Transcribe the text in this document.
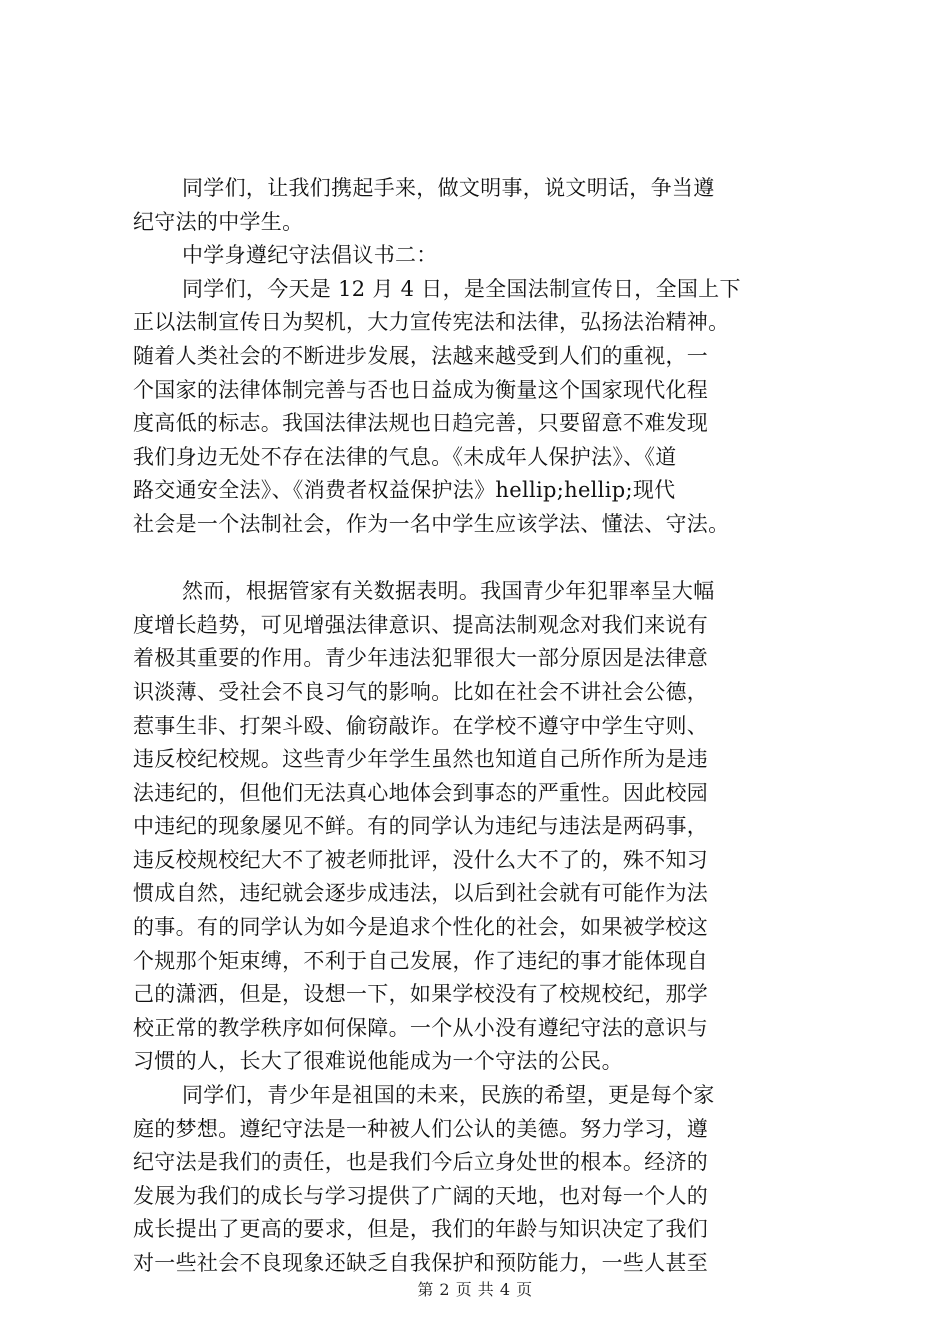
同学们，让我们携起手来，做文明事，说文明话，争当遵
纪守法的中学生。
中学身遵纪守法倡议书二：
同学们，今天是 12 月 4 日，是全国法制宣传日，全国上下
正以法制宣传日为契机，大力宣传宪法和法律，弘扬法治精神。
随着人类社会的不断进步发展，法越来越受到人们的重视，一
个国家的法律体制完善与否也日益成为衡量这个国家现代化程
度高低的标志。我国法律法规也日趋完善，只要留意不难发现
我们身边无处不存在法律的气息。《未成年人保护法》、《道
路交通安全法》、《消费者权益保护法》hellip;hellip;现代
社会是一个法制社会，作为一名中学生应该学法、懂法、守法。
然而，根据管家有关数据表明。我国青少年犯罪率呈大幅
度增长趋势，可见增强法律意识、提高法制观念对我们来说有
着极其重要的作用。青少年违法犯罪很大一部分原因是法律意
识淡薄、受社会不良习气的影响。比如在社会不讲社会公德，
惹事生非、打架斗殴、偷窃敲诈。在学校不遵守中学生守则、
违反校纪校规。这些青少年学生虽然也知道自己所作所为是违
法违纪的，但他们无法真心地体会到事态的严重性。因此校园
中违纪的现象屡见不鲜。有的同学认为违纪与违法是两码事，
违反校规校纪大不了被老师批评，没什么大不了的，殊不知习
惯成自然，违纪就会逐步成违法，以后到社会就有可能作为法
的事。有的同学认为如今是追求个性化的社会，如果被学校这
个规那个矩束缚，不利于自己发展，作了违纪的事才能体现自
己的潇洒，但是，设想一下，如果学校没有了校规校纪，那学
校正常的教学秩序如何保障。一个从小没有遵纪守法的意识与
习惯的人，长大了很难说他能成为一个守法的公民。
同学们，青少年是祖国的未来，民族的希望，更是每个家
庭的梦想。遵纪守法是一种被人们公认的美德。努力学习，遵
纪守法是我们的责任，也是我们今后立身处世的根本。经济的
发展为我们的成长与学习提供了广阔的天地，也对每一个人的
成长提出了更高的要求，但是，我们的年龄与知识决定了我们
对一些社会不良现象还缺乏自我保护和预防能力，一些人甚至
第 2 页 共 4 页
